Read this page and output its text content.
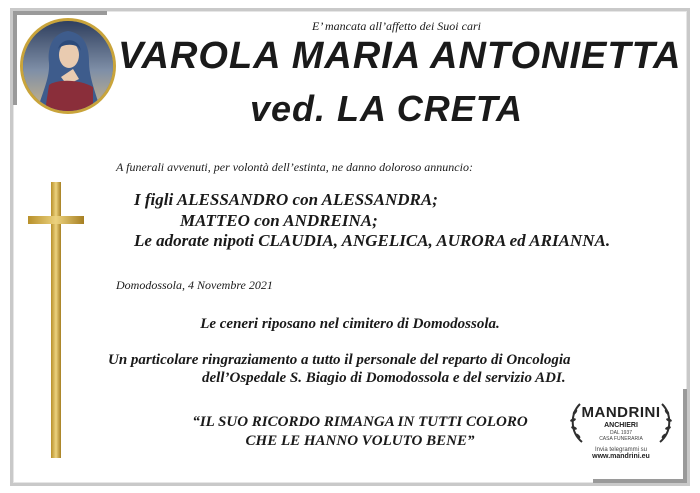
E’ mancata all’affetto dei Suoi cari
VAROLA MARIA ANTONIETTA
ved. LA CRETA
A funerali avvenuti, per volontà dell’estinta, ne danno doloroso annuncio:
I figli ALESSANDRO con ALESSANDRA;
MATTEO con ANDREINA;
Le adorate nipoti CLAUDIA, ANGELICA, AURORA ed ARIANNA.
Domodossola, 4 Novembre 2021
Le ceneri riposano nel cimitero di Domodossola.
Un particolare ringraziamento a tutto il personale del reparto di Oncologia
dell’Ospedale S. Biagio di Domodossola e del servizio ADI.
“IL SUO RICORDO RIMANGA IN TUTTI COLORO
CHE LE HANNO VOLUTO BENE”
MANDRINI
ANCHIERI
DAL 1937
CASA FUNERARIA
Invia telegrammi su
www.mandrini.eu
